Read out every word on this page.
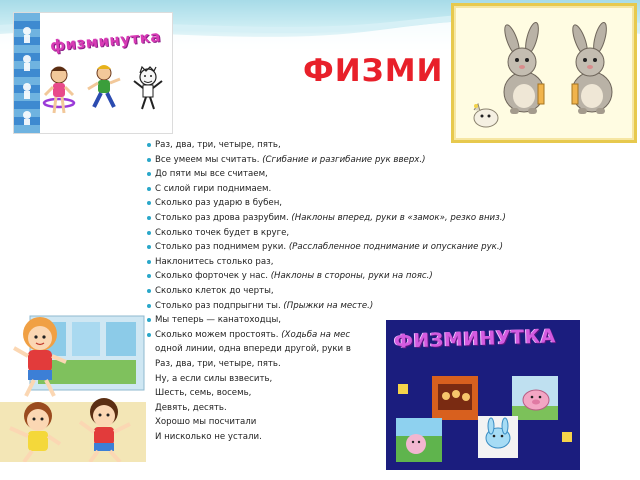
ФИЗМИ
физминутка
Раз, два, три, четыре, пять,
Все умеем мы считать. (Сгибание и разгибание рук вверх.)
До пяти мы все считаем,
С силой гири поднимаем.
Сколько раз ударю в бубен,
Столько раз дрова разрубим. (Наклоны вперед, руки в «замок», резко вниз.)
Сколько точек будет в круге,
Столько раз поднимем руки. (Расслабленное поднимание и опускание рук.)
Наклонитесь столько раз,
Сколько форточек у нас. (Наклоны в стороны, руки на пояс.)
Сколько клеток до черты,
Столько раз подпрыгни ты. (Прыжки на месте.)
Мы теперь — канатоходцы,
Сколько можем простоять. (Ходьба на мес
одной линии, одна впереди другой, руки в
Раз, два, три, четыре, пять.
Ну, а если силы взвесить,
Шесть, семь, восемь,
Девять, десять.
Хорошо мы посчитали
И нисколько не устали.
ФИЗМИНУТКА
